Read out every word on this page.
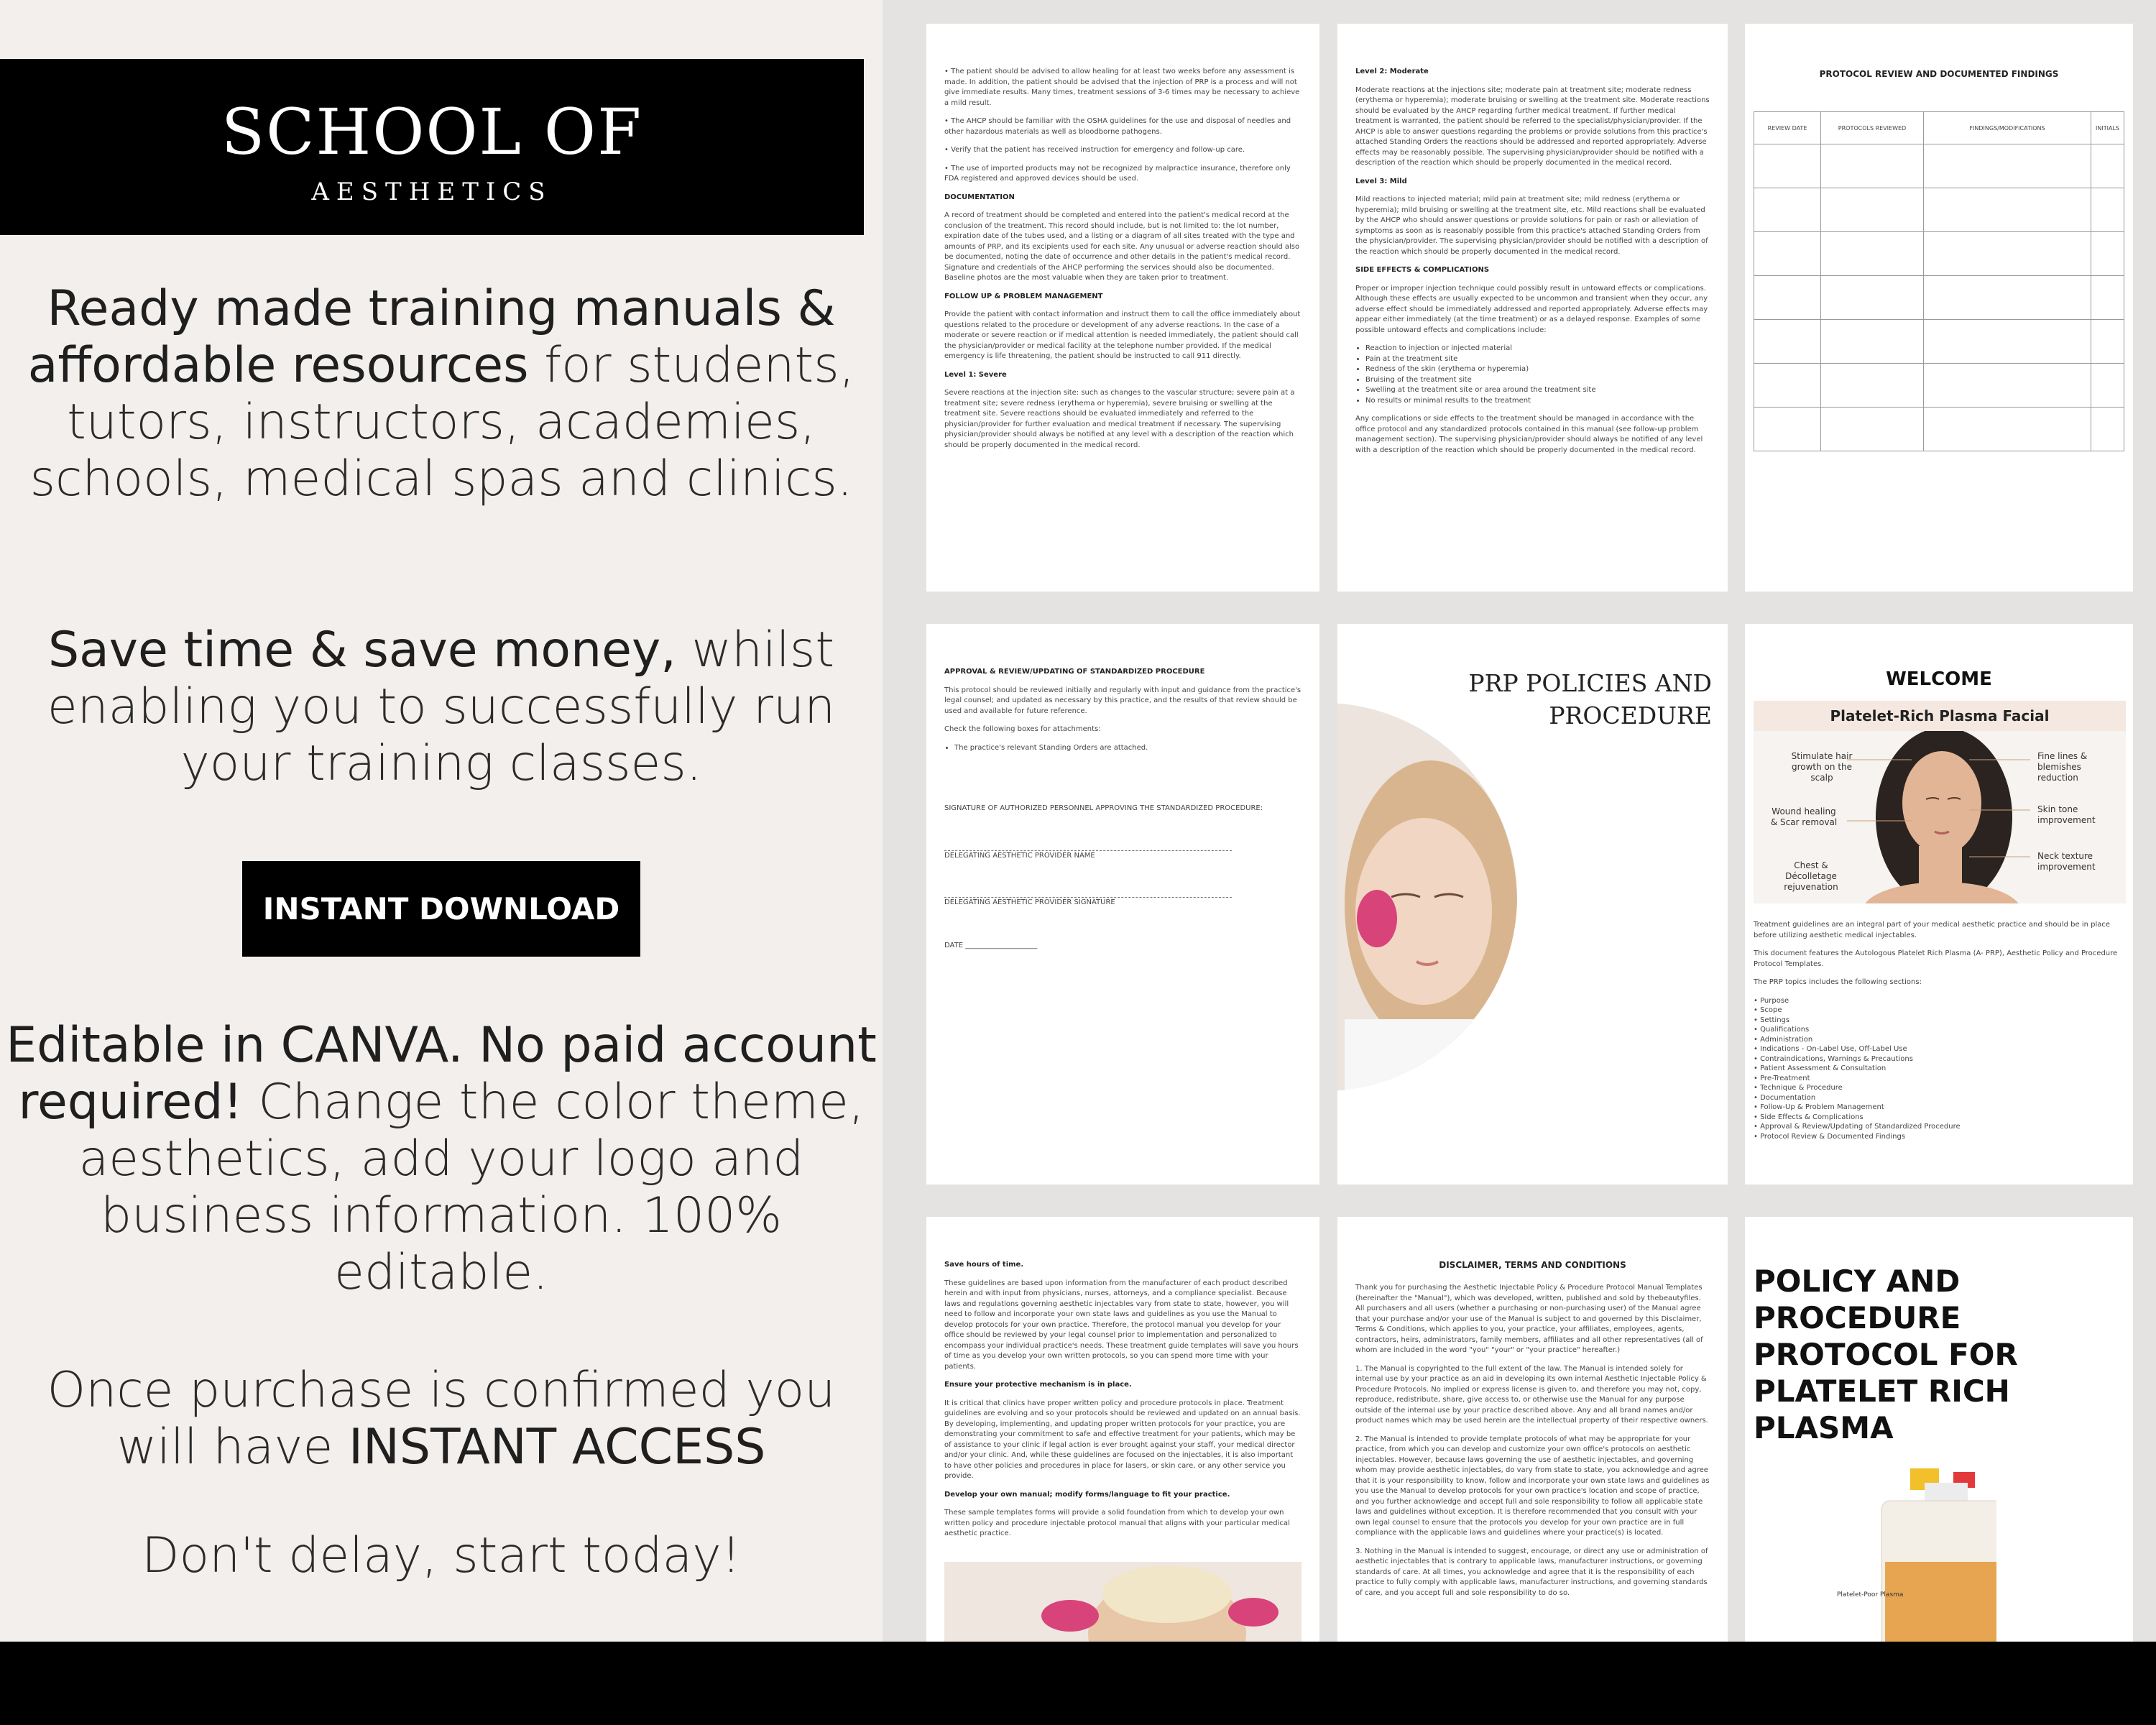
SCHOOL OF
AESTHETICS
Ready made training manuals & affordable resources for students, tutors, instructors, academies, schools, medical spas and clinics.
Save time & save money, whilst enabling you to successfully run your training classes.
INSTANT DOWNLOAD
Editable in CANVA. No paid account required! Change the color theme, aesthetics, add your logo and business information. 100% editable.
Once purchase is confirmed you will have INSTANT ACCESS
Don't delay, start today!

• The patient should be advised to allow healing for at least two weeks before any assessment is made. In addition, the patient should be advised that the injection of PRP is a process and will not give immediate results. Many times, treatment sessions of 3-6 times may be necessary to achieve a mild result.

• The AHCP should be familiar with the OSHA guidelines for the use and disposal of needles and other hazardous materials as well as bloodborne pathogens.

• Verify that the patient has received instruction for emergency and follow-up care.

• The use of imported products may not be recognized by malpractice insurance, therefore only FDA registered and approved devices should be used.

DOCUMENTATION

A record of treatment should be completed and entered into the patient's medical record at the conclusion of the treatment. This record should include, but is not limited to: the lot number, expiration date of the tubes used, and a listing or a diagram of all sites treated with the type and amounts of PRP, and its excipients used for each site. Any unusual or adverse reaction should also be documented, noting the date of occurrence and other details in the patient's medical record. Signature and credentials of the AHCP performing the services should also be documented. Baseline photos are the most valuable when they are taken prior to treatment.

FOLLOW UP & PROBLEM MANAGEMENT

Provide the patient with contact information and instruct them to call the office immediately about questions related to the procedure or development of any adverse reactions. In the case of a moderate or severe reaction or if medical attention is needed immediately, the patient should call the physician/provider or medical facility at the telephone number provided. If the medical emergency is life threatening, the patient should be instructed to call 911 directly.

Level 1: Severe

Severe reactions at the injection site: such as changes to the vascular structure; severe pain at a treatment site; severe redness (erythema or hyperemia), severe bruising or swelling at the treatment site. Severe reactions should be evaluated immediately and referred to the physician/provider for further evaluation and medical treatment if necessary. The supervising physician/provider should always be notified at any level with a description of the reaction which should be properly documented in the medical record.

Level 2: Moderate

Moderate reactions at the injections site; moderate pain at treatment site; moderate redness (erythema or hyperemia); moderate bruising or swelling at the treatment site. Moderate reactions should be evaluated by the AHCP regarding further medical treatment. If further medical treatment is warranted, the patient should be referred to the specialist/physician/provider. If the AHCP is able to answer questions regarding the problems or provide solutions from this practice's attached Standing Orders the reactions should be addressed and reported appropriately. Adverse effects may be reasonably possible. The supervising physician/provider should be notified with a description of the reaction which should be properly documented in the medical record.

Level 3: Mild

Mild reactions to injected material; mild pain at treatment site; mild redness (erythema or hyperemia); mild bruising or swelling at the treatment site, etc. Mild reactions shall be evaluated by the AHCP who should answer questions or provide solutions for pain or rash or alleviation of symptoms as soon as is reasonably possible from this practice's attached Standing Orders from the physician/provider. The supervising physician/provider should be notified with a description of the reaction which should be properly documented in the medical record.

SIDE EFFECTS & COMPLICATIONS

Proper or improper injection technique could possibly result in untoward effects or complications. Although these effects are usually expected to be uncommon and transient when they occur, any adverse effect should be immediately addressed and reported appropriately. Adverse effects may appear either immediately (at the time treatment) or as a delayed response. Examples of some possible untoward effects and complications include:

• Reaction to injection or injected material
• Pain at the treatment site
• Redness of the skin (erythema or hyperemia)
• Bruising of the treatment site
• Swelling at the treatment site or area around the treatment site
• No results or minimal results to the treatment

Any complications or side effects to the treatment should be managed in accordance with the office protocol and any standardized protocols contained in this manual (see follow-up problem management section). The supervising physician/provider should always be notified of any level with a description of the reaction which should be properly documented in the medical record.

PROTOCOL REVIEW AND DOCUMENTED FINDINGS
REVIEW DATE	PROTOCOLS REVIEWED	FINDINGS/MODIFICATIONS	INITIALS

APPROVAL & REVIEW/UPDATING OF STANDARDIZED PROCEDURE

This protocol should be reviewed initially and regularly with input and guidance from the practice's legal counsel; and updated as necessary by this practice, and the results of that review should be used and available for future reference.

Check the following boxes for attachments:

• The practice's relevant Standing Orders are attached.

SIGNATURE OF AUTHORIZED PERSONNEL APPROVING THE STANDARDIZED PROCEDURE:

DELEGATING AESTHETIC PROVIDER NAME

DELEGATING AESTHETIC PROVIDER SIGNATURE

DATE ____________________

PRP POLICIES AND PROCEDURE
WELCOME
Platelet-Rich Plasma Facial
Stimulate hair growth on the scalp
Wound healing & Scar removal
Chest & Décolletage rejuvenation
Fine lines & blemishes reduction
Skin tone improvement
Neck texture improvement

Treatment guidelines are an integral part of your medical aesthetic practice and should be in place before utilizing aesthetic medical injectables.

This document features the Autologous Platelet Rich Plasma (A- PRP), Aesthetic Policy and Procedure Protocol Templates.

The PRP topics includes the following sections:

• Purpose
• Scope
• Settings
• Qualifications
• Administration
• Indications - On-Label Use, Off-Label Use
• Contraindications, Warnings & Precautions
• Patient Assessment & Consultation
• Pre-Treatment
• Technique & Procedure
• Documentation
• Follow-Up & Problem Management
• Side Effects & Complications
• Approval & Review/Updating of Standardized Procedure
• Protocol Review & Documented Findings

Save hours of time.

These guidelines are based upon information from the manufacturer of each product described herein and with input from physicians, nurses, attorneys, and a compliance specialist. Because laws and regulations governing aesthetic injectables vary from state to state, however, you will need to follow and incorporate your own state laws and guidelines as you use the Manual to develop protocols for your own practice. Therefore, the protocol manual you develop for your office should be reviewed by your legal counsel prior to implementation and personalized to encompass your individual practice's needs. These treatment guide templates will save you hours of time as you develop your own written protocols, so you can spend more time with your patients.

Ensure your protective mechanism is in place.

It is critical that clinics have proper written policy and procedure protocols in place. Treatment guidelines are evolving and so your protocols should be reviewed and updated on an annual basis. By developing, implementing, and updating proper written protocols for your practice, you are demonstrating your commitment to safe and effective treatment for your patients, which may be of assistance to your clinic if legal action is ever brought against your staff, your medical director and/or your clinic. And, while these guidelines are focused on the injectables, it is also important to have other policies and procedures in place for lasers, or skin care, or any other service you provide.

Develop your own manual; modify forms/language to fit your practice.

These sample templates forms will provide a solid foundation from which to develop your own written policy and procedure injectable protocol manual that aligns with your particular medical aesthetic practice.

DISCLAIMER, TERMS AND CONDITIONS

Thank you for purchasing the Aesthetic Injectable Policy & Procedure Protocol Manual Templates (hereinafter the "Manual"), which was developed, written, published and sold by thebeautyfiles. All purchasers and all users (whether a purchasing or non-purchasing user) of the Manual agree that your purchase and/or your use of the Manual is subject to and governed by this Disclaimer, Terms & Conditions, which applies to you, your practice, your affiliates, employees, agents, contractors, heirs, administrators, family members, affiliates and all other representatives (all of whom are included in the word "you" "your" or "your practice" hereafter.)

1. The Manual is copyrighted to the full extent of the law. The Manual is intended solely for internal use by your practice as an aid in developing its own internal Aesthetic Injectable Policy & Procedure Protocols. No implied or express license is given to, and therefore you may not, copy, reproduce, redistribute, share, give access to, or otherwise use the Manual for any purpose outside of the internal use by your practice described above. Any and all brand names and/or product names which may be used herein are the intellectual property of their respective owners.

2. The Manual is intended to provide template protocols of what may be appropriate for your practice, from which you can develop and customize your own office's protocols on aesthetic injectables. However, because laws governing the use of aesthetic injectables, and governing whom may provide aesthetic injectables, do vary from state to state, you acknowledge and agree that it is your responsibility to know, follow and incorporate your own state laws and guidelines as you use the Manual to develop protocols for your own practice's location and scope of practice, and you further acknowledge and accept full and sole responsibility to follow all applicable state laws and guidelines without exception. It is therefore recommended that you consult with your own legal counsel to ensure that the protocols you develop for your own practice are in full compliance with the applicable laws and guidelines where your practice(s) is located.

3. Nothing in the Manual is intended to suggest, encourage, or direct any use or administration of aesthetic injectables that is contrary to applicable laws, manufacturer instructions, or governing standards of care. At all times, you acknowledge and agree that it is the responsibility of each practice to fully comply with applicable laws, manufacturer instructions, and governing standards of care, and you accept full and sole responsibility to do so.

POLICY AND PROCEDURE PROTOCOL FOR PLATELET RICH PLASMA
Platelet-Poor Plasma
